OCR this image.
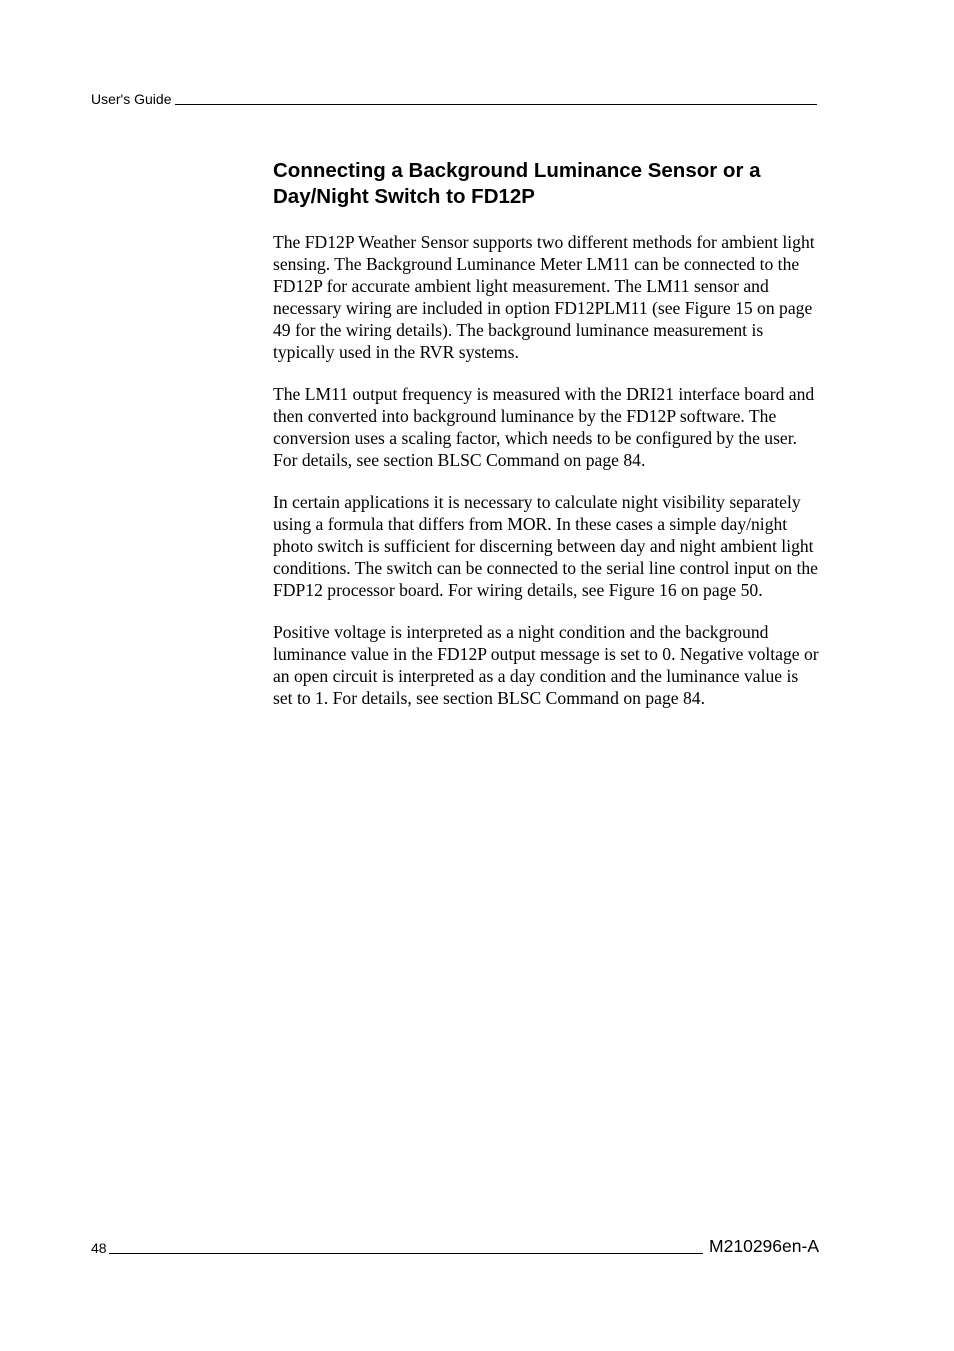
User's Guide
Connecting a Background Luminance Sensor or a Day/Night Switch to FD12P

The FD12P Weather Sensor supports two different methods for ambient light sensing. The Background Luminance Meter LM11 can be connected to the FD12P for accurate ambient light measurement. The LM11 sensor and necessary wiring are included in option FD12PLM11 (see Figure 15 on page 49 for the wiring details). The background luminance measurement is typically used in the RVR systems.

The LM11 output frequency is measured with the DRI21 interface board and then converted into background luminance by the FD12P software. The conversion uses a scaling factor, which needs to be configured by the user. For details, see section BLSC Command on page 84.

In certain applications it is necessary to calculate night visibility separately using a formula that differs from MOR. In these cases a simple day/night photo switch is sufficient for discerning between day and night ambient light conditions. The switch can be connected to the serial line control input on the FDP12 processor board. For wiring details, see Figure 16 on page 50.

Positive voltage is interpreted as a night condition and the background luminance value in the FD12P output message is set to 0. Negative voltage or an open circuit is interpreted as a day condition and the luminance value is set to 1. For details, see section BLSC Command on page 84.

48	M210296en-A
